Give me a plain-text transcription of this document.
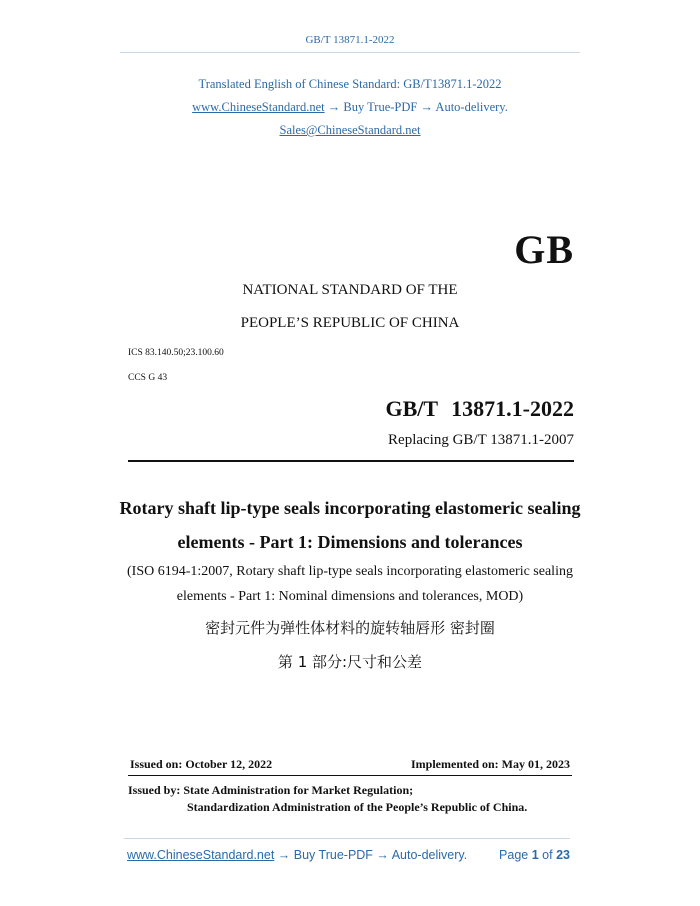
GB/T 13871.1-2022
Translated English of Chinese Standard: GB/T13871.1-2022
www.ChineseStandard.net → Buy True-PDF → Auto-delivery.
Sales@ChineseStandard.net
GB
NATIONAL STANDARD OF THE
PEOPLE’S REPUBLIC OF CHINA
ICS 83.140.50;23.100.60
CCS G 43
GB/T 13871.1-2022
Replacing GB/T 13871.1-2007
Rotary shaft lip-type seals incorporating elastomeric sealing
elements - Part 1: Dimensions and tolerances
(ISO 6194-1:2007, Rotary shaft lip-type seals incorporating elastomeric sealing
elements - Part 1: Nominal dimensions and tolerances, MOD)
密封元件为弹性体材料的旋转轴唇形 密封圈
第 1 部分:尺寸和公差
Issued on: October 12, 2022	Implemented on: May 01, 2023
Issued by: State Administration for Market Regulation;
Standardization Administration of the People’s Republic of China.
www.ChineseStandard.net → Buy True-PDF → Auto-delivery.	Page 1 of 23
